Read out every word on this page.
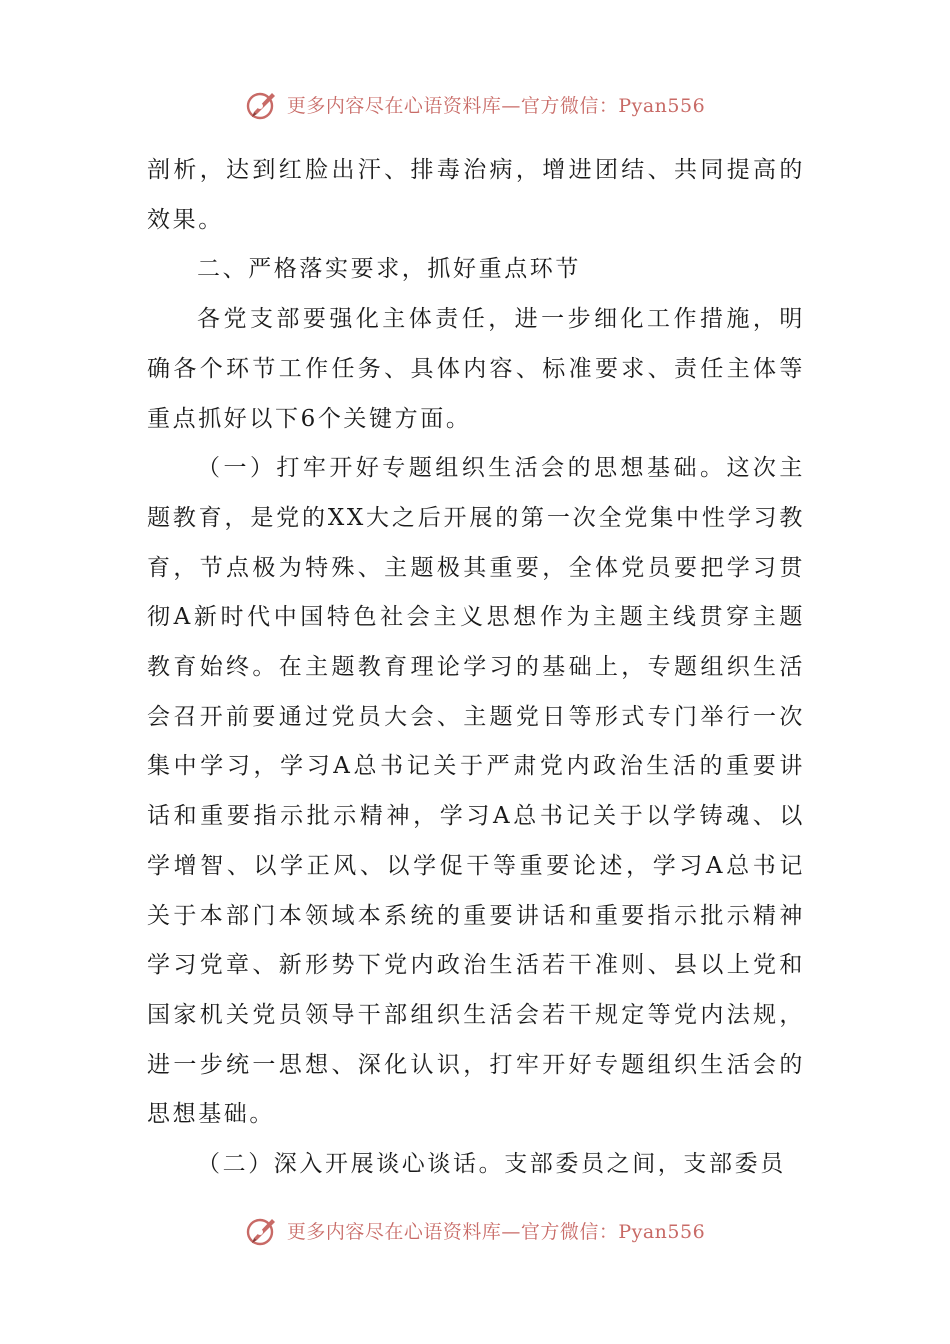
更多内容尽在心语资料库—官方微信：Pyan556

剖析，达到红脸出汗、排毒治病，增进团结、共同提高的效果。

二、严格落实要求，抓好重点环节

各党支部要强化主体责任，进一步细化工作措施，明确各个环节工作任务、具体内容、标准要求、责任主体等重点抓好以下6个关键方面。

（一）打牢开好专题组织生活会的思想基础。这次主题教育，是党的XX大之后开展的第一次全党集中性学习教育，节点极为特殊、主题极其重要，全体党员要把学习贯彻A新时代中国特色社会主义思想作为主题主线贯穿主题教育始终。在主题教育理论学习的基础上，专题组织生活会召开前要通过党员大会、主题党日等形式专门举行一次集中学习，学习A总书记关于严肃党内政治生活的重要讲话和重要指示批示精神，学习A总书记关于以学铸魂、以学增智、以学正风、以学促干等重要论述，学习A总书记关于本部门本领域本系统的重要讲话和重要指示批示精神学习党章、新形势下党内政治生活若干准则、县以上党和国家机关党员领导干部组织生活会若干规定等党内法规，进一步统一思想、深化认识，打牢开好专题组织生活会的思想基础。

（二）深入开展谈心谈话。支部委员之间，支部委员

更多内容尽在心语资料库—官方微信：Pyan556
